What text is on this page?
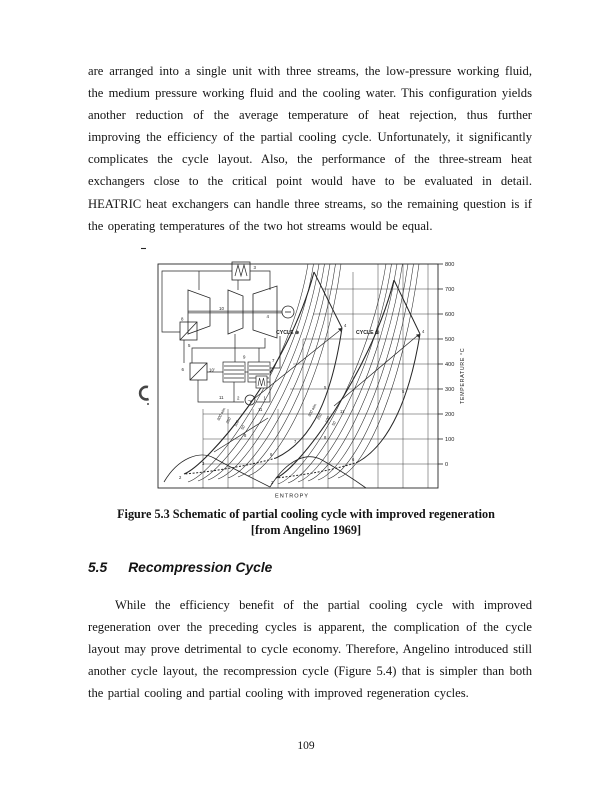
are arranged into a single unit with three streams, the low-pressure working fluid, the medium pressure working fluid and the cooling water. This configuration yields another reduction of the average temperature of heat rejection, thus further improving the efficiency of the partial cooling cycle. Unfortunately, it significantly complicates the cycle layout. Also, the performance of the three-stream heat exchangers close to the critical point would have to be evaluated in detail. HEATRIC heat exchangers can handle three streams, so the remaining question is if the operating temperatures of the two hot streams would be equal.

800
700
600
500
400
300
200
100
0
TEMPERATURE °C
ENTROPY
CYCLE ⊛	CYCLE ①
300 atm
250 100 50
300 atm
250 100 50
2
3
4
5
6
7
8
11
4
5
6
2
11
8
~
3
10
4
8
5
6	10'
9
7
11	2	1
Figure 5.3 Schematic of partial cooling cycle with improved regeneration
[from Angelino 1969]
5.5 Recompression Cycle

While the efficiency benefit of the partial cooling cycle with improved regeneration over the preceding cycles is apparent, the complication of the cycle layout may prove detrimental to cycle economy. Therefore, Angelino introduced still another cycle layout, the recompression cycle (Figure 5.4) that is simpler than both the partial cooling and partial cooling with improved regeneration cycles.

109
